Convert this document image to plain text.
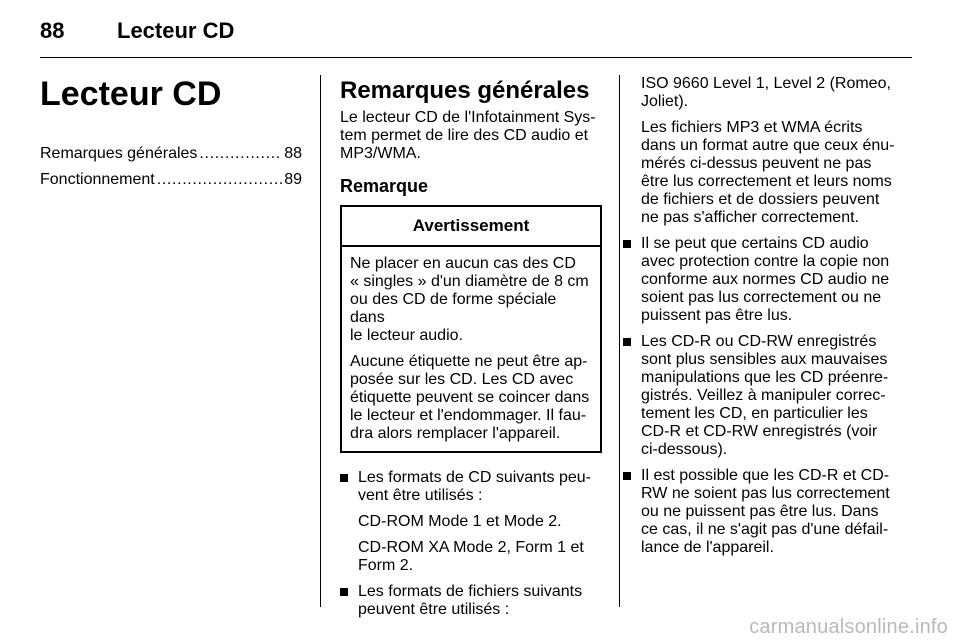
88 Lecteur CD
Lecteur CD
Remarques générales . . .	88
Fonctionnement . . .	89
Remarques générales
Le lecteur CD de l'Infotainment Sys-
tem permet de lire des CD audio et
MP3/WMA.
Remarque
Avertissement

Ne placer en aucun cas des CD
« singles » d'un diamètre de 8 cm
ou des CD de forme spéciale dans
le lecteur audio.

Aucune étiquette ne peut être ap-
posée sur les CD. Les CD avec
étiquette peuvent se coincer dans
le lecteur et l'endommager. Il fau-
dra alors remplacer l'appareil.

Les formats de CD suivants peu-
vent être utilisés :
CD-ROM Mode 1 et Mode 2.
CD-ROM XA Mode 2, Form 1 et
Form 2.
Les formats de fichiers suivants
peuvent être utilisés :
ISO 9660 Level 1, Level 2 (Romeo,
Joliet).
Les fichiers MP3 et WMA écrits
dans un format autre que ceux énu-
mérés ci-dessus peuvent ne pas
être lus correctement et leurs noms
de fichiers et de dossiers peuvent
ne pas s'afficher correctement.
Il se peut que certains CD audio
avec protection contre la copie non
conforme aux normes CD audio ne
soient pas lus correctement ou ne
puissent pas être lus.
Les CD-R ou CD-RW enregistrés
sont plus sensibles aux mauvaises
manipulations que les CD préenre-
gistrés. Veillez à manipuler correc-
tement les CD, en particulier les
CD-R et CD-RW enregistrés (voir
ci-dessous).
Il est possible que les CD-R et CD-
RW ne soient pas lus correctement
ou ne puissent pas être lus. Dans
ce cas, il ne s'agit pas d'une défail-
lance de l'appareil.
carmanualsonline.info
